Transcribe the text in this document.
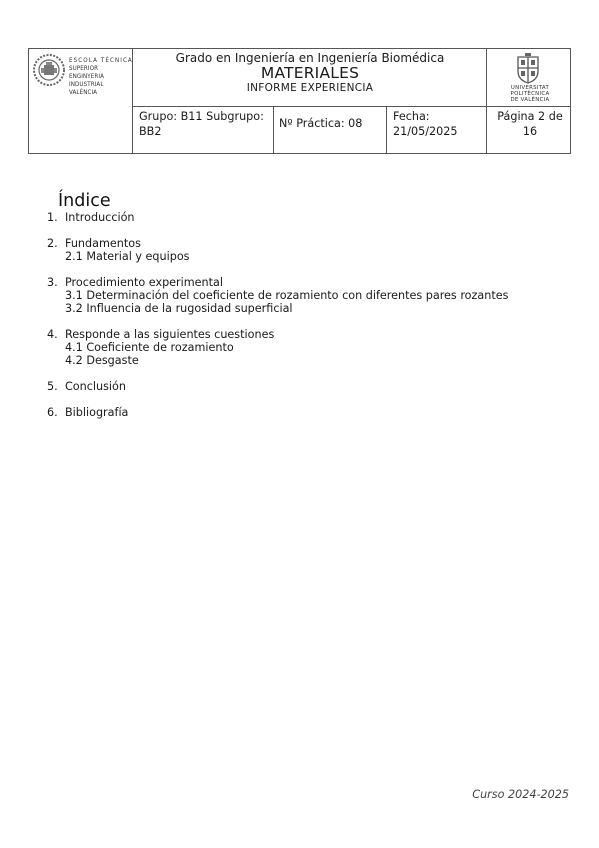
ESCOLA TÈCNICA
SUPERIOR ENGINYERIA
INDUSTRIAL VALÈNCIA
Grado en Ingeniería en Ingeniería Biomédica
MATERIALES
INFORME EXPERIENCIA	UNIVERSITAT
POLITÈCNICA
DE VALÈNCIA
Grupo: B11 Subgrupo:
BB2
Nº Práctica: 08
Fecha:
21/05/2025
Página 2 de
16
Índice
1. Introducción
2. Fundamentos
2.1 Material y equipos
3. Procedimiento experimental
3.1 Determinación del coeficiente de rozamiento con diferentes pares rozantes
3.2 Influencia de la rugosidad superficial
4. Responde a las siguientes cuestiones
4.1 Coeficiente de rozamiento
4.2 Desgaste
5. Conclusión
6. Bibliografía
Curso 2024-2025
